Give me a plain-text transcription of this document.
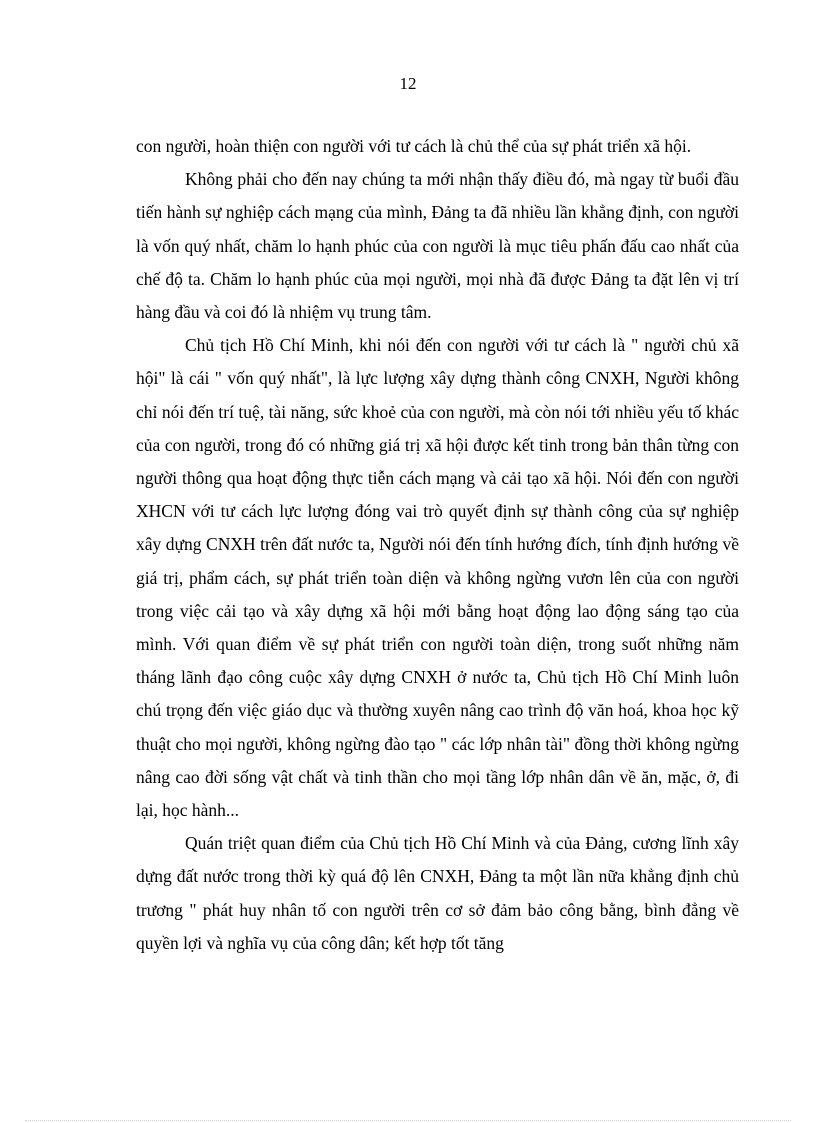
12

con người, hoàn thiện con người với tư cách là chủ thể của sự phát triển xã hội.

Không phải cho đến nay chúng ta mới nhận thấy điều đó, mà ngay từ buổi đầu tiến hành sự nghiệp cách mạng của mình, Đảng ta đã nhiều lần khẳng định, con người là vốn quý nhất, chăm lo hạnh phúc của con người là mục tiêu phấn đấu cao nhất của chế độ ta. Chăm lo hạnh phúc của mọi người, mọi nhà đã được Đảng ta đặt lên vị trí hàng đầu và coi đó là nhiệm vụ trung tâm.

Chủ tịch Hồ Chí Minh, khi nói đến con người với tư cách là " người chủ xã hội" là cái " vốn quý nhất", là lực lượng xây dựng thành công CNXH, Người không chỉ nói đến trí tuệ, tài năng, sức khoẻ của con người, mà còn nói tới nhiều yếu tố khác của con người, trong đó có những giá trị xã hội được kết tinh trong bản thân từng con người thông qua hoạt động thực tiễn cách mạng và cải tạo xã hội. Nói đến con người XHCN với tư cách lực lượng đóng vai trò quyết định sự thành công của sự nghiệp xây dựng CNXH trên đất nước ta, Người nói đến tính hướng đích, tính định hướng về giá trị, phẩm cách, sự phát triển toàn diện và không ngừng vươn lên của con người trong việc cải tạo và xây dựng xã hội mới bằng hoạt động lao động sáng tạo của mình. Với quan điểm về sự phát triển con người toàn diện, trong suốt những năm tháng lãnh đạo công cuộc xây dựng CNXH ở nước ta, Chủ tịch Hồ Chí Minh luôn chú trọng đến việc giáo dục và thường xuyên nâng cao trình độ văn hoá, khoa học kỹ thuật cho mọi người, không ngừng đào tạo " các lớp nhân tài" đồng thời không ngừng nâng cao đời sống vật chất và tinh thần cho mọi tầng lớp nhân dân về ăn, mặc, ở, đi lại, học hành...

Quán triệt quan điểm của Chủ tịch Hồ Chí Minh và của Đảng, cương lĩnh xây dựng đất nước trong thời kỳ quá độ lên CNXH, Đảng ta một lần nữa khẳng định chủ trương " phát huy nhân tố con người trên cơ sở đảm bảo công bằng, bình đẳng về quyền lợi và nghĩa vụ của công dân; kết hợp tốt tăng
